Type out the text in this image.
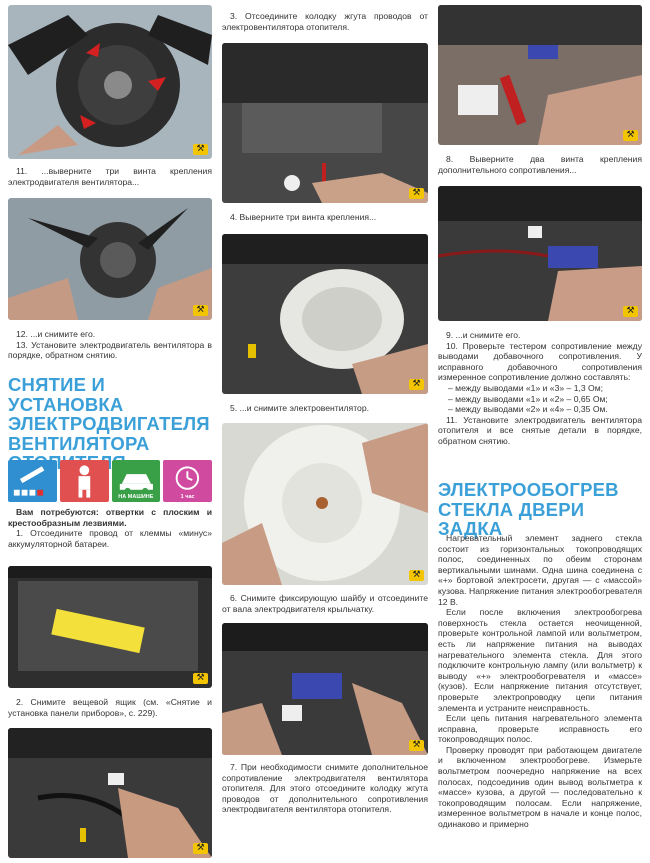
⚒

11. ...выверните три винта крепления электродвигателя вентилятора...

⚒

12. ...и снимите его.

13. Установите электродвигатель вентилятора в порядке, обратном снятию.

СНЯТИЕ И УСТАНОВКА ЭЛЕКТРОДВИГАТЕЛЯ ВЕНТИЛЯТОРА
НА МАШИНЕ	1 час

Вам потребуются: отвертки с плоским и крестообразным лезвиями.

1. Отсоедините провод от клеммы «минус» аккумуляторной батареи.

⚒

2. Снимите вещевой ящик (см. «Снятие и установка панели приборов», с. 229).

⚒

3. Отсоедините колодку жгута проводов от электровентилятора отопителя.

⚒

4. Выверните три винта крепления...

⚒

5. ...и снимите электровентилятор.

⚒

6. Снимите фиксирующую шайбу и отсоедините от вала электродвигателя крыльчатку.

⚒

7. При необходимости снимите дополнительное сопротивление электродвигателя вентилятора отопителя. Для этого отсоедините колодку жгута проводов от дополнительного сопротивления электродвигателя вентилятора отопителя.

⚒

8. Выверните два винта крепления дополнительного сопротивления...

⚒

9. ...и снимите его.

10. Проверьте тестером сопротивление между выводами добавочного сопротивления. У исправного добавочного сопротивления измеренное сопротивление должно составлять:

– между выводами «1» и «3» – 1,3 Ом;

– между выводами «1» и «2» – 0,65 Ом;

– между выводами «2» и «4» – 0,35 Ом.

11. Установите электродвигатель вентилятора отопителя и все снятые детали в порядке, обратном снятию.

ЭЛЕКТРООБОГРЕВ СТЕКЛА ДВЕРИ ЗАДКА

Нагревательный элемент заднего стекла состоит из горизонтальных токопроводящих полос, соединенных по обеим сторонам вертикальными шинами. Одна шина соединена с «+» бортовой электросети, другая — с «массой» кузова. Напряжение питания электрообогревателя 12 В.

Если после включения электрообогрева поверхность стекла остается неочищенной, проверьте контрольной лампой или вольтметром, есть ли напряжение питания на выводах нагревательного элемента стекла. Для этого подключите контрольную лампу (или вольтметр) к выводу «+» электрообогревателя и «массе» (кузов). Если напряжение питания отсутствует, проверьте электропроводку цепи питания элемента и устраните неисправность.

Если цепь питания нагревательного элемента исправна, проверьте исправность его токопроводящих полос.

Проверку проводят при работающем двигателе и включенном электрообогреве. Измерьте вольтметром поочередно напряжение на всех полосах, подсоединив один вывод вольтметра к «массе» кузова, а другой — последовательно к токопроводящим полосам. Если напряжение, измеренное вольтметром в начале и конце полос, одинаково и примерно
